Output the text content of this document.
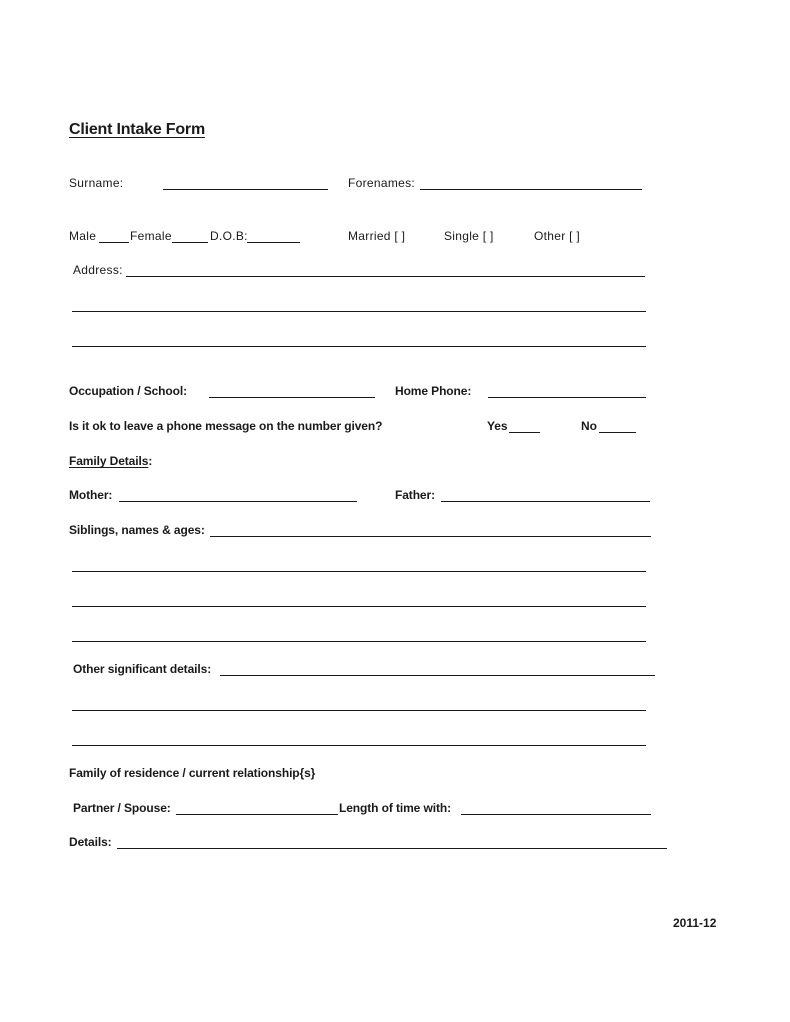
Client Intake Form
Surname:	Forenames:
Male	Female	D.O.B:	Married [ ]	Single [ ]	Other [ ]
Address:
Occupation / School:	Home Phone:
Is it ok to leave a phone message on the number given?	Yes	No
Family Details:
Mother:	Father:
Siblings, names & ages:
Other significant details:
Family of residence / current relationship{s}
Partner / Spouse:	Length of time with:
Details:
2011-12
